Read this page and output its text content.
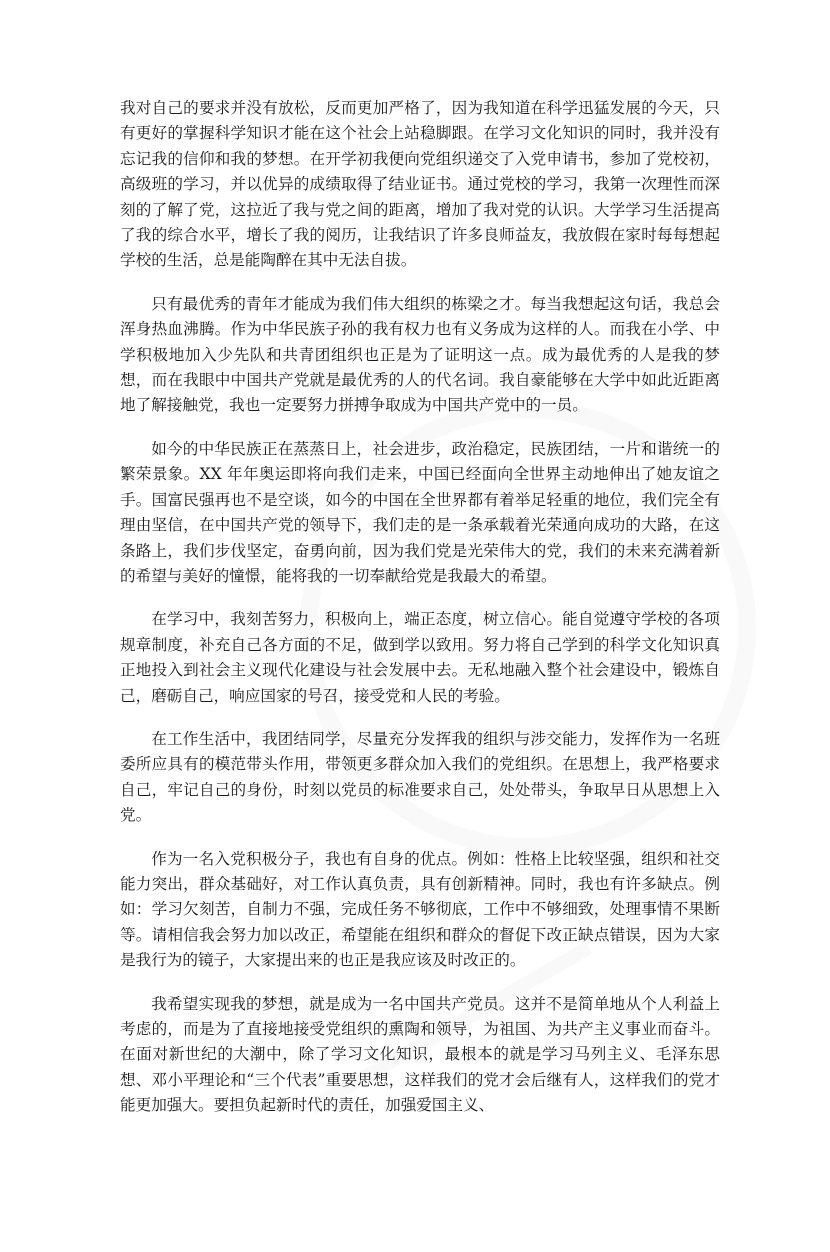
我对自己的要求并没有放松，反而更加严格了，因为我知道在科学迅猛发展的今天，只有更好的掌握科学知识才能在这个社会上站稳脚跟。在学习文化知识的同时，我并没有忘记我的信仰和我的梦想。在开学初我便向党组织递交了入党申请书，参加了党校初，高级班的学习，并以优异的成绩取得了结业证书。通过党校的学习，我第一次理性而深刻的了解了党，这拉近了我与党之间的距离，增加了我对党的认识。大学学习生活提高了我的综合水平，增长了我的阅历，让我结识了许多良师益友，我放假在家时每每想起学校的生活，总是能陶醉在其中无法自拔。

只有最优秀的青年才能成为我们伟大组织的栋梁之才。每当我想起这句话，我总会浑身热血沸腾。作为中华民族子孙的我有权力也有义务成为这样的人。而我在小学、中学积极地加入少先队和共青团组织也正是为了证明这一点。成为最优秀的人是我的梦想，而在我眼中中国共产党就是最优秀的人的代名词。我自豪能够在大学中如此近距离地了解接触党，我也一定要努力拼搏争取成为中国共产党中的一员。

如今的中华民族正在蒸蒸日上，社会进步，政治稳定，民族团结，一片和谐统一的繁荣景象。XX 年年奥运即将向我们走来，中国已经面向全世界主动地伸出了她友谊之手。国富民强再也不是空谈，如今的中国在全世界都有着举足轻重的地位，我们完全有理由坚信，在中国共产党的领导下，我们走的是一条承载着光荣通向成功的大路，在这条路上，我们步伐坚定，奋勇向前，因为我们党是光荣伟大的党，我们的未来充满着新的希望与美好的憧憬，能将我的一切奉献给党是我最大的希望。

在学习中，我刻苦努力，积极向上，端正态度，树立信心。能自觉遵守学校的各项规章制度，补充自己各方面的不足，做到学以致用。努力将自己学到的科学文化知识真正地投入到社会主义现代化建设与社会发展中去。无私地融入整个社会建设中，锻炼自己，磨砺自己，响应国家的号召，接受党和人民的考验。

在工作生活中，我团结同学，尽量充分发挥我的组织与涉交能力，发挥作为一名班委所应具有的模范带头作用，带领更多群众加入我们的党组织。在思想上，我严格要求自己，牢记自己的身份，时刻以党员的标准要求自己，处处带头，争取早日从思想上入党。

作为一名入党积极分子，我也有自身的优点。例如：性格上比较坚强，组织和社交能力突出，群众基础好，对工作认真负责，具有创新精神。同时，我也有许多缺点。例如：学习欠刻苦，自制力不强，完成任务不够彻底，工作中不够细致，处理事情不果断等。请相信我会努力加以改正，希望能在组织和群众的督促下改正缺点错误，因为大家是我行为的镜子，大家提出来的也正是我应该及时改正的。

我希望实现我的梦想，就是成为一名中国共产党员。这并不是简单地从个人利益上考虑的，而是为了直接地接受党组织的熏陶和领导，为祖国、为共产主义事业而奋斗。在面对新世纪的大潮中，除了学习文化知识，最根本的就是学习马列主义、毛泽东思想、邓小平理论和“三个代表”重要思想，这样我们的党才会后继有人，这样我们的党才能更加强大。要担负起新时代的责任，加强爱国主义、
